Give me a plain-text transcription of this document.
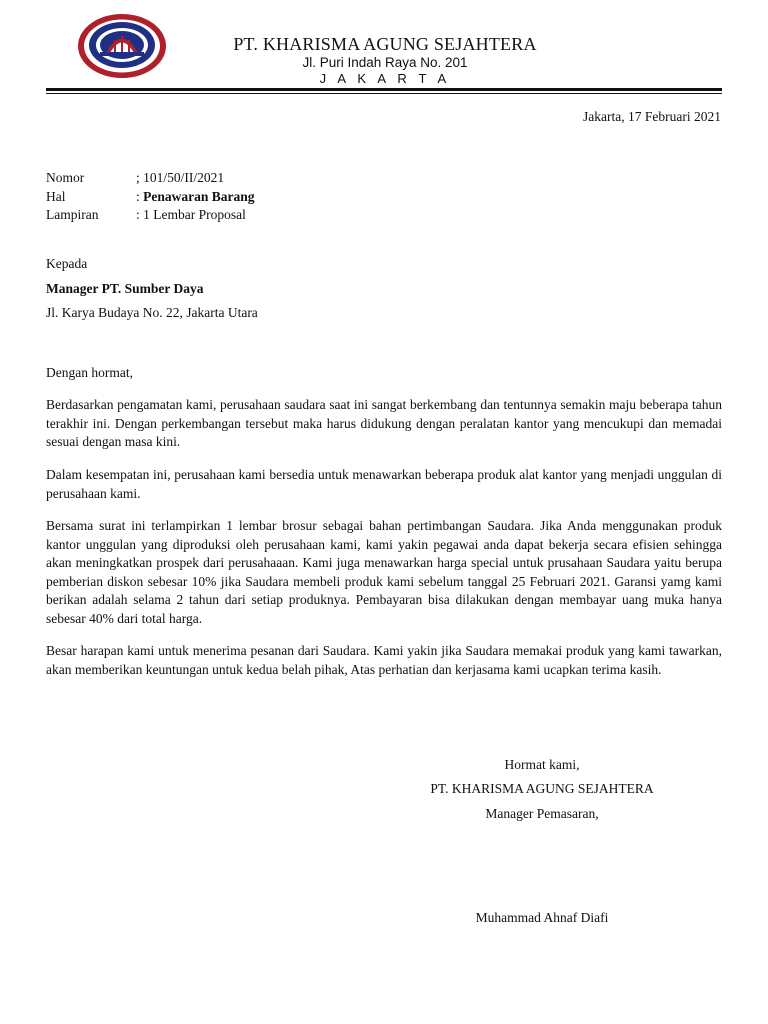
PT. KHARISMA AGUNG SEJAHTERA
Jl. Puri Indah Raya No. 201
J A K A R T A
Jakarta, 17 Februari 2021
Nomor	; 101/50/II/2021
Hal	: Penawaran Barang
Lampiran	: 1 Lembar Proposal
Kepada
Manager PT. Sumber Daya
Jl. Karya Budaya No. 22, Jakarta Utara
Dengan hormat,

Berdasarkan pengamatan kami, perusahaan saudara saat ini sangat berkembang dan tentunnya semakin maju beberapa tahun terakhir ini. Dengan perkembangan tersebut maka harus didukung dengan peralatan kantor yang mencukupi dan memadai sesuai dengan masa kini.

Dalam kesempatan ini, perusahaan kami bersedia untuk menawarkan beberapa produk alat kantor yang menjadi unggulan di perusahaan kami.

Bersama surat ini terlampirkan 1 lembar brosur sebagai bahan pertimbangan Saudara. Jika Anda menggunakan produk kantor unggulan yang diproduksi oleh perusahaan kami, kami yakin pegawai anda dapat bekerja secara efisien sehingga akan meningkatkan prospek dari perusahaaan. Kami juga menawarkan harga special untuk prusahaan Saudara yaitu berupa pemberian diskon sebesar 10% jika Saudara membeli produk kami sebelum tanggal 25 Februari 2021. Garansi yamg kami berikan adalah selama 2 tahun dari setiap produknya. Pembayaran bisa dilakukan dengan membayar uang muka hanya sebesar 40% dari total harga.

Besar harapan kami untuk menerima pesanan dari Saudara. Kami yakin jika Saudara memakai produk yang kami tawarkan, akan memberikan keuntungan untuk kedua belah pihak, Atas perhatian dan kerjasama kami ucapkan terima kasih.

Hormat kami,
PT. KHARISMA AGUNG SEJAHTERA
Manager Pemasaran,
Muhammad Ahnaf Diafi
